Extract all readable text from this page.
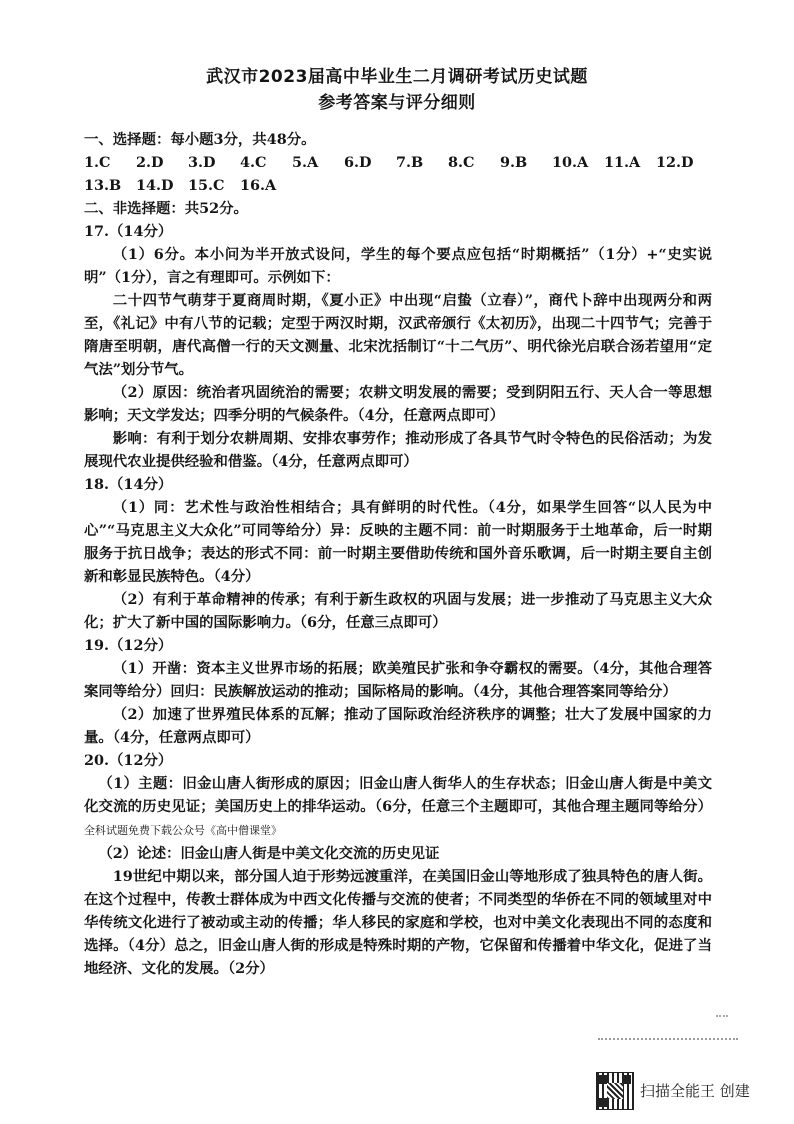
武汉市2023届高中毕业生二月调研考试历史试题
参考答案与评分细则
一、选择题：每小题3分，共48分。
1.C 2.D 3.D 4.C 5.A 6.D 7.B 8.C 9.B 10.A 11.A 12.D
13.B 14.D 15.C 16.A
二、非选择题：共52分。
17.（14分）

（1）6分。本小问为半开放式设问，学生的每个要点应包括“时期概括”（1分）+“史实说明”（1分），言之有理即可。示例如下：

二十四节气萌芽于夏商周时期，《夏小正》中出现“启蛰（立春）”，商代卜辞中出现两分和两至，《礼记》中有八节的记载；定型于两汉时期，汉武帝颁行《太初历》，出现二十四节气；完善于隋唐至明朝，唐代高僧一行的天文测量、北宋沈括制订“十二气历”、明代徐光启联合汤若望用“定气法”划分节气。

（2）原因：统治者巩固统治的需要；农耕文明发展的需要；受到阴阳五行、天人合一等思想影响；天文学发达；四季分明的气候条件。（4分，任意两点即可）

影响：有利于划分农耕周期、安排农事劳作；推动形成了各具节气时令特色的民俗活动；为发展现代农业提供经验和借鉴。（4分，任意两点即可）

18.（14分）

（1）同：艺术性与政治性相结合；具有鲜明的时代性。（4分，如果学生回答“以人民为中心”“马克思主义大众化”可同等给分）异：反映的主题不同：前一时期服务于土地革命，后一时期服务于抗日战争；表达的形式不同：前一时期主要借助传统和国外音乐歌调，后一时期主要自主创新和彰显民族特色。（4分）

（2）有利于革命精神的传承；有利于新生政权的巩固与发展；进一步推动了马克思主义大众化；扩大了新中国的国际影响力。（6分，任意三点即可）

19.（12分）

（1）开凿：资本主义世界市场的拓展；欧美殖民扩张和争夺霸权的需要。（4分，其他合理答案同等给分）回归：民族解放运动的推动；国际格局的影响。（4分，其他合理答案同等给分）

（2）加速了世界殖民体系的瓦解；推动了国际政治经济秩序的调整；壮大了发展中国家的力量。（4分，任意两点即可）

20.（12分）

（1）主题：旧金山唐人街形成的原因；旧金山唐人街华人的生存状态；旧金山唐人街是中美文化交流的历史见证；美国历史上的排华运动。（6分，任意三个主题即可，其他合理主题同等给分） 全科试题免费下载公众号《高中僧课堂》

（2）论述：旧金山唐人街是中美文化交流的历史见证

19世纪中期以来，部分国人迫于形势远渡重洋，在美国旧金山等地形成了独具特色的唐人街。在这个过程中，传教士群体成为中西文化传播与交流的使者；不同类型的华侨在不同的领域里对中华传统文化进行了被动或主动的传播；华人移民的家庭和学校，也对中美文化表现出不同的态度和选择。（4分）总之，旧金山唐人街的形成是特殊时期的产物，它保留和传播着中华文化，促进了当地经济、文化的发展。（2分）

扫描全能王 创建
